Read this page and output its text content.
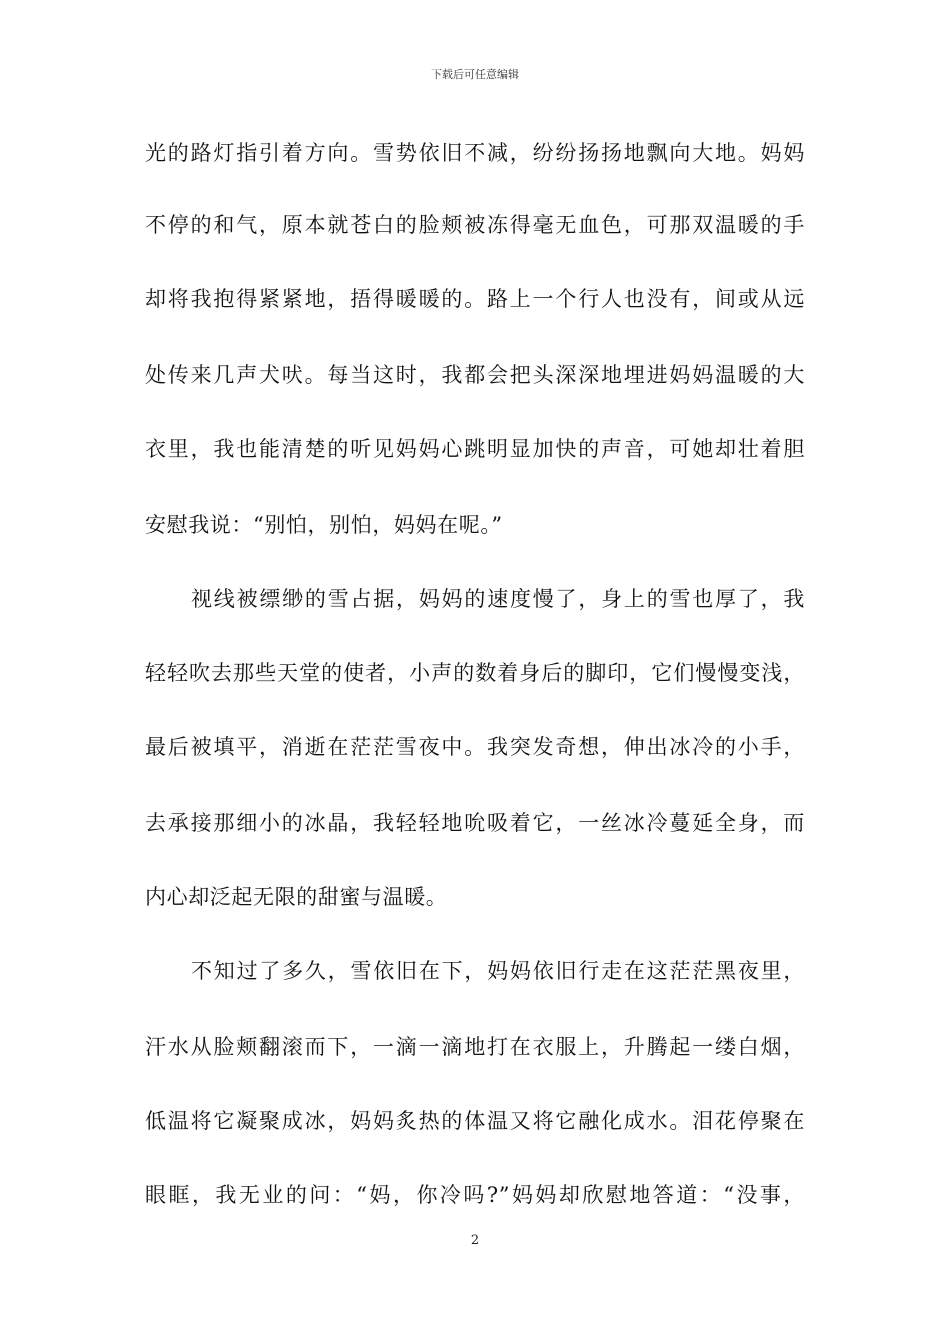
下载后可任意编辑
光的路灯指引着方向。雪势依旧不减，纷纷扬扬地飘向大地。妈妈
不停的和气，原本就苍白的脸颊被冻得毫无血色，可那双温暖的手
却将我抱得紧紧地，捂得暖暖的。路上一个行人也没有，间或从远
处传来几声犬吠。每当这时，我都会把头深深地埋进妈妈温暖的大
衣里，我也能清楚的听见妈妈心跳明显加快的声音，可她却壮着胆
安慰我说：“别怕，别怕，妈妈在呢。”
视线被缥缈的雪占据，妈妈的速度慢了，身上的雪也厚了，我
轻轻吹去那些天堂的使者，小声的数着身后的脚印，它们慢慢变浅，
最后被填平，消逝在茫茫雪夜中。我突发奇想，伸出冰冷的小手，
去承接那细小的冰晶，我轻轻地吮吸着它，一丝冰冷蔓延全身，而
内心却泛起无限的甜蜜与温暖。
不知过了多久，雪依旧在下，妈妈依旧行走在这茫茫黑夜里，
汗水从脸颊翻滚而下，一滴一滴地打在衣服上，升腾起一缕白烟，
低温将它凝聚成冰，妈妈炙热的体温又将它融化成水。泪花停聚在
眼眶，我无业的问：“妈，你冷吗?”妈妈却欣慰地答道：“没事，
2
